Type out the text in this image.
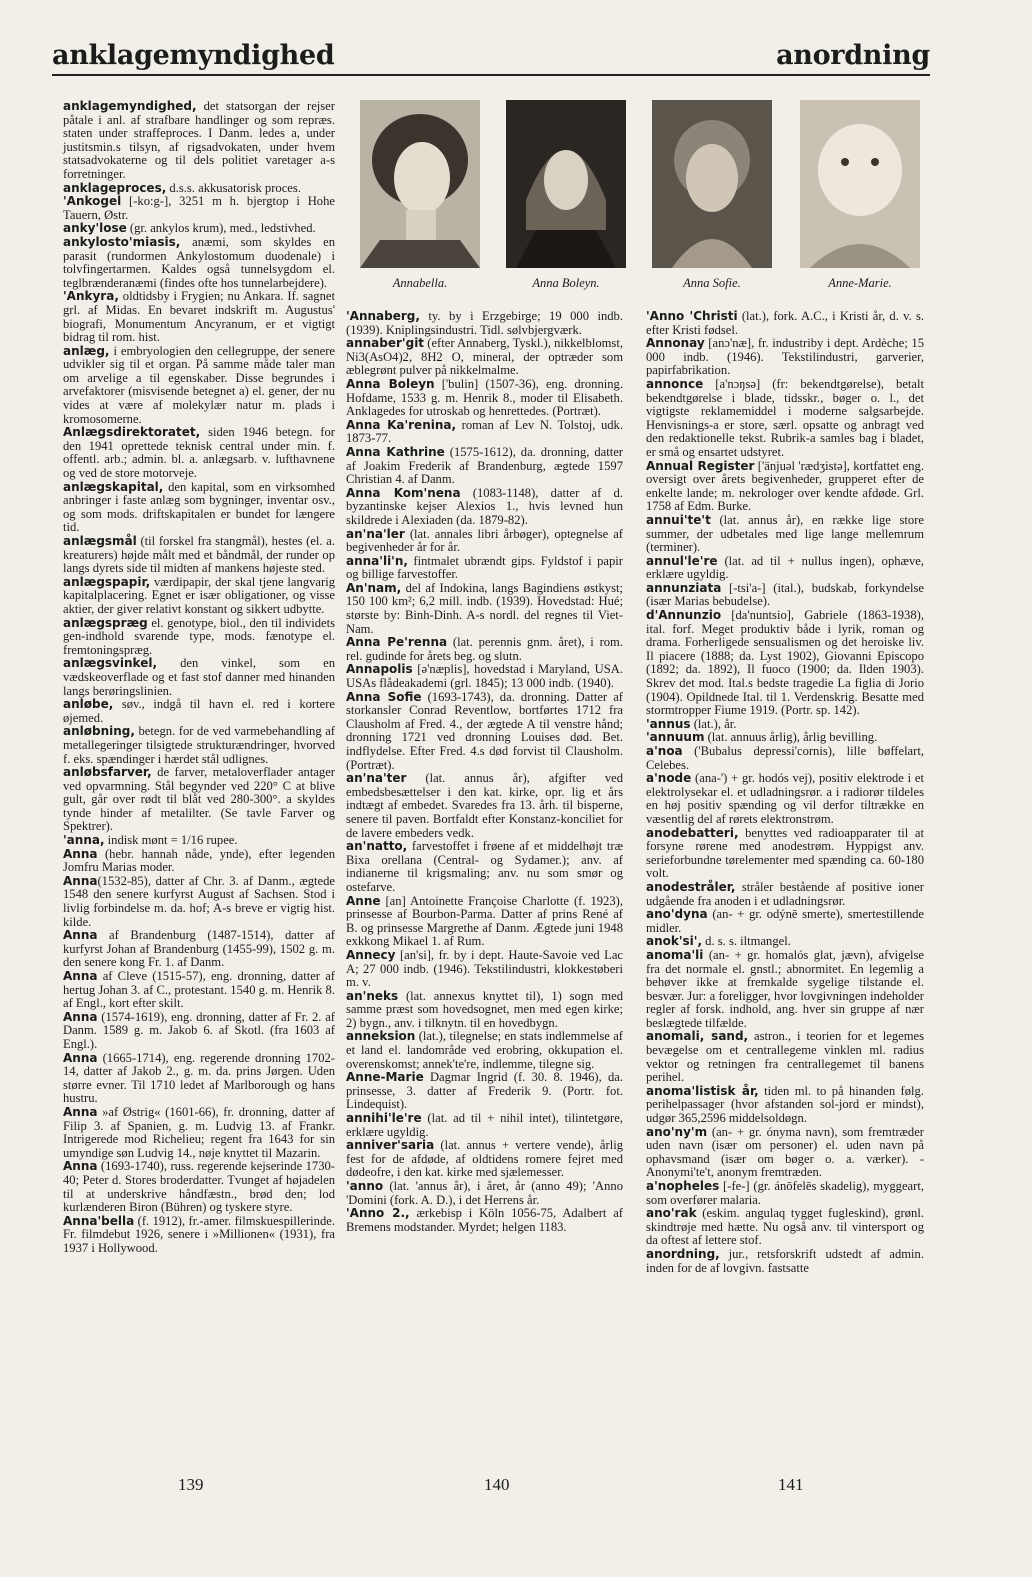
anklagemyndighed	anordning

anklagemyndighed, det statsorgan der rejser påtale i anl. af strafbare handlinger og som repræs. staten under straffeproces. I Danm. ledes a, under justitsmin.s tilsyn, af rigsadvokaten, under hvem statsadvokaterne og til dels politiet varetager a-s forretninger.

anklageproces, d.s.s. akkusatorisk proces.

'Ankogel [-ko:g-], 3251 m h. bjergtop i Hohe Tauern, Østr.

anky'lose (gr. ankylos krum), med., ledstivhed.

ankylosto'miasis, anæmi, som skyldes en parasit (rundormen Ankylostomum duodenale) i tolvfingertarmen. Kaldes også tunnelsygdom el. teglbrænderanæmi (findes ofte hos tunnelarbejdere).

'Ankyra, oldtidsby i Frygien; nu Ankara. If. sagnet grl. af Midas. En bevaret indskrift m. Augustus' biografi, Monumentum Ancyranum, er et vigtigt bidrag til rom. hist.

anlæg, i embryologien den cellegruppe, der senere udvikler sig til et organ. På samme måde taler man om arvelige a til egenskaber. Disse begrundes i arvefaktorer (misvisende betegnet a) el. gener, der nu vides at være af molekylær natur m. plads i kromosomerne.

Anlægsdirektoratet, siden 1946 betegn. for den 1941 oprettede teknisk central under min. f. offentl. arb.; admin. bl. a. anlægsarb. v. lufthavnene og ved de store motorveje.

anlægskapital, den kapital, som en virksomhed anbringer i faste anlæg som bygninger, inventar osv., og som mods. driftskapitalen er bundet for længere tid.

anlægsmål (til forskel fra stangmål), hestes (el. a. kreaturers) højde målt med et båndmål, der runder op langs dyrets side til midten af mankens højeste sted.

anlægspapir, værdipapir, der skal tjene langvarig kapitalplacering. Egnet er især obligationer, og visse aktier, der giver relativt konstant og sikkert udbytte.

anlægspræg el. genotype, biol., den til individets gen-indhold svarende type, mods. fænotype el. fremtoningspræg.

anlægsvinkel, den vinkel, som en vædskeoverflade og et fast stof danner med hinanden langs berøringslinien.

anløbe, søv., indgå til havn el. red i kortere øjemed.

anløbning, betegn. for de ved varmebehandling af metallegeringer tilsigtede strukturændringer, hvorved f. eks. spændinger i hærdet stål udlignes.

anløbsfarver, de farver, metaloverflader antager ved opvarmning. Stål begynder ved 220° C at blive gult, går over rødt til blåt ved 280-300°. a skyldes tynde hinder af metalilter. (Se tavle Farver og Spektrer).

'anna, indisk mønt = 1/16 rupee.

Anna (hebr. hannah nåde, ynde), efter legenden Jomfru Marias moder.

Anna(1532-85), datter af Chr. 3. af Danm., ægtede 1548 den senere kurfyrst August af Sachsen. Stod i livlig forbindelse m. da. hof; A-s breve er vigtig hist. kilde.

Anna af Brandenburg (1487-1514), datter af kurfyrst Johan af Brandenburg (1455-99), 1502 g. m. den senere kong Fr. 1. af Danm.

Anna af Cleve (1515-57), eng. dronning, datter af hertug Johan 3. af C., protestant. 1540 g. m. Henrik 8. af Engl., kort efter skilt.

Anna (1574-1619), eng. dronning, datter af Fr. 2. af Danm. 1589 g. m. Jakob 6. af Skotl. (fra 1603 af Engl.).

Anna (1665-1714), eng. regerende dronning 1702-14, datter af Jakob 2., g. m. da. prins Jørgen. Uden større evner. Til 1710 ledet af Marlborough og hans hustru.

Anna »af Østrig« (1601-66), fr. dronning, datter af Filip 3. af Spanien, g. m. Ludvig 13. af Frankr. Intrigerede mod Richelieu; regent fra 1643 for sin umyndige søn Ludvig 14., nøje knyttet til Mazarin.

Anna (1693-1740), russ. regerende kejserinde 1730-40; Peter d. Stores broderdatter. Tvunget af højadelen til at underskrive håndfæstn., brød den; lod kurlænderen Biron (Bühren) og tyskere styre.

Anna'bella (f. 1912), fr.-amer. filmskuespillerinde. Fr. filmdebut 1926, senere i »Millionen« (1931), fra 1937 i Hollywood.

Annabella.	Anna Boleyn.	Anna Sofie.	Anne-Marie.

'Annaberg, ty. by i Erzgebirge; 19 000 indb. (1939). Kniplingsindustri. Tidl. sølvbjergværk.

annaber'git (efter Annaberg, Tyskl.), nikkelblomst, Ni3(AsO4)2, 8H2 O, mineral, der optræder som æblegrønt pulver på nikkelmalme.

Anna Boleyn ['bulin] (1507-36), eng. dronning. Hofdame, 1533 g. m. Henrik 8., moder til Elisabeth. Anklagedes for utroskab og henrettedes. (Portræt).

Anna Ka'renina, roman af Lev N. Tolstoj, udk. 1873-77.

Anna Kathrine (1575-1612), da. dronning, datter af Joakim Frederik af Brandenburg, ægtede 1597 Christian 4. af Danm.

Anna Kom'nena (1083-1148), datter af d. byzantinske kejser Alexios 1., hvis levned hun skildrede i Alexiaden (da. 1879-82).

an'na'ler (lat. annales libri årbøger), optegnelse af begivenheder år for år.

anna'li'n, fintmalet ubrændt gips. Fyldstof i papir og billige farvestoffer.

An'nam, del af Indokina, langs Bagindiens østkyst; 150 100 km²; 6,2 mill. indb. (1939). Hovedstad: Hué; største by: Binh-Dinh. A-s nordl. del regnes til Viet-Nam.

Anna Pe'renna (lat. perennis gnm. året), i rom. rel. gudinde for årets beg. og slutn.

Annapolis [ə'næplis], hovedstad i Maryland, USA. USAs flådeakademi (grl. 1845); 13 000 indb. (1940).

Anna Sofie (1693-1743), da. dronning. Datter af storkansler Conrad Reventlow, bortførtes 1712 fra Clausholm af Fred. 4., der ægtede A til venstre hånd; dronning 1721 ved dronning Louises død. Bet. indflydelse. Efter Fred. 4.s død forvist til Clausholm. (Portræt).

an'na'ter (lat. annus år), afgifter ved embedsbesættelser i den kat. kirke, opr. lig et års indtægt af embedet. Svaredes fra 13. årh. til bisperne, senere til paven. Bortfaldt efter Konstanz-konciliet for de lavere embeders vedk.

an'natto, farvestoffet i frøene af et middelhøjt træ Bixa orellana (Central- og Sydamer.); anv. af indianerne til krigsmaling; anv. nu som smør og ostefarve.

Anne [an] Antoinette Françoise Charlotte (f. 1923), prinsesse af Bourbon-Parma. Datter af prins René af B. og prinsesse Margrethe af Danm. Ægtede juni 1948 exkkong Mikael 1. af Rum.

Annecy [an'si], fr. by i dept. Haute-Savoie ved Lac A; 27 000 indb. (1946). Tekstilindustri, klokkestøberi m. v.

an'neks (lat. annexus knyttet til), 1) sogn med samme præst som hovedsognet, men med egen kirke; 2) bygn., anv. i tilknytn. til en hovedbygn.

anneksion (lat.), tilegnelse; en stats indlemmelse af et land el. landområde ved erobring, okkupation el. overenskomst; annek'te're, indlemme, tilegne sig.

Anne-Marie Dagmar Ingrid (f. 30. 8. 1946), da. prinsesse, 3. datter af Frederik 9. (Portr. fot. Lindequist).

annihi'le're (lat. ad til + nihil intet), tilintetgøre, erklære ugyldig.

anniver'saria (lat. annus + vertere vende), årlig fest for de afdøde, af oldtidens romere fejret med dødeofre, i den kat. kirke med sjælemesser.

'anno (lat. 'annus år), i året, år (anno 49); 'Anno 'Domini (fork. A. D.), i det Herrens år.

'Anno 2., ærkebisp i Köln 1056-75, Adalbert af Bremens modstander. Myrdet; helgen 1183.

'Anno 'Christi (lat.), fork. A.C., i Kristi år, d. v. s. efter Kristi fødsel.

Annonay [anɔ'næ], fr. industriby i dept. Ardèche; 15 000 indb. (1946). Tekstilindustri, garverier, papirfabrikation.

annonce [a'nɔŋsə] (fr: bekendtgørelse), betalt bekendtgørelse i blade, tidsskr., bøger o. l., det vigtigste reklamemiddel i moderne salgsarbejde. Henvisnings-a er store, særl. opsatte og anbragt ved den redaktionelle tekst. Rubrik-a samles bag i bladet, er små og ensartet udstyret.

Annual Register ['änjuəl 'rædʒistə], kortfattet eng. oversigt over årets begivenheder, grupperet efter de enkelte lande; m. nekrologer over kendte afdøde. Grl. 1758 af Edm. Burke.

annui'te't (lat. annus år), en række lige store summer, der udbetales med lige lange mellemrum (terminer).

annul'le're (lat. ad til + nullus ingen), ophæve, erklære ugyldig.

annunziata [-tsi'a-] (ital.), budskab, forkyndelse (især Marias bebudelse).

d'Annunzio [da'nuntsio], Gabriele (1863-1938), ital. forf. Meget produktiv både i lyrik, roman og drama. Forherligede sensualismen og det heroiske liv. Il piacere (1888; da. Lyst 1902), Giovanni Episcopo (1892; da. 1892), Il fuoco (1900; da. Ilden 1903). Skrev det mod. Ital.s bedste tragedie La figlia di Jorio (1904). Opildnede Ital. til 1. Verdenskrig. Besatte med stormtropper Fiume 1919. (Portr. sp. 142).

'annus (lat.), år.

'annuum (lat. annuus årlig), årlig bevilling.

a'noa ('Bubalus depressi'cornis), lille bøffelart, Celebes.

a'node (ana-') + gr. hodós vej), positiv elektrode i et elektrolysekar el. et udladningsrør. a i radiorør tildeles en høj positiv spænding og vil derfor tiltrække en væsentlig del af rørets elektronstrøm.

anodebatteri, benyttes ved radioapparater til at forsyne rørene med anodestrøm. Hyppigst anv. serieforbundne tørelementer med spænding ca. 60-180 volt.

anodestråler, stråler bestående af positive ioner udgående fra anoden i et udladningsrør.

ano'dyna (an- + gr. odýnē smerte), smertestillende midler.

anok'si', d. s. s. iltmangel.

anoma'li (an- + gr. homalós glat, jævn), afvigelse fra det normale el. gnstl.; abnormitet. En legemlig a behøver ikke at fremkalde sygelige tilstande el. besvær. Jur: a foreligger, hvor lovgivningen indeholder regler af forsk. indhold, ang. hver sin gruppe af nær beslægtede tilfælde.

anomali, sand, astron., i teorien for et legemes bevægelse om et centrallegeme vinklen ml. radius vektor og retningen fra centrallegemet til banens perihel.

anoma'listisk år, tiden ml. to på hinanden følg. perihelpassager (hvor afstanden sol-jord er mindst), udgør 365,2596 middelsoldøgn.

ano'ny'm (an- + gr. ónyma navn), som fremtræder uden navn (især om personer) el. uden navn på ophavsmand (især om bøger o. a. værker). - Anonymi'te't, anonym fremtræden.

a'nopheles [-fe-] (gr. ánōfelēs skadelig), myggeart, som overfører malaria.

ano'rak (eskim. angulaq tygget fugleskind), grønl. skindtrøje med hætte. Nu også anv. til vintersport og da oftest af lettere stof.

anordning, jur., retsforskrift udstedt af admin. inden for de af lovgivn. fastsatte

139	140	141
